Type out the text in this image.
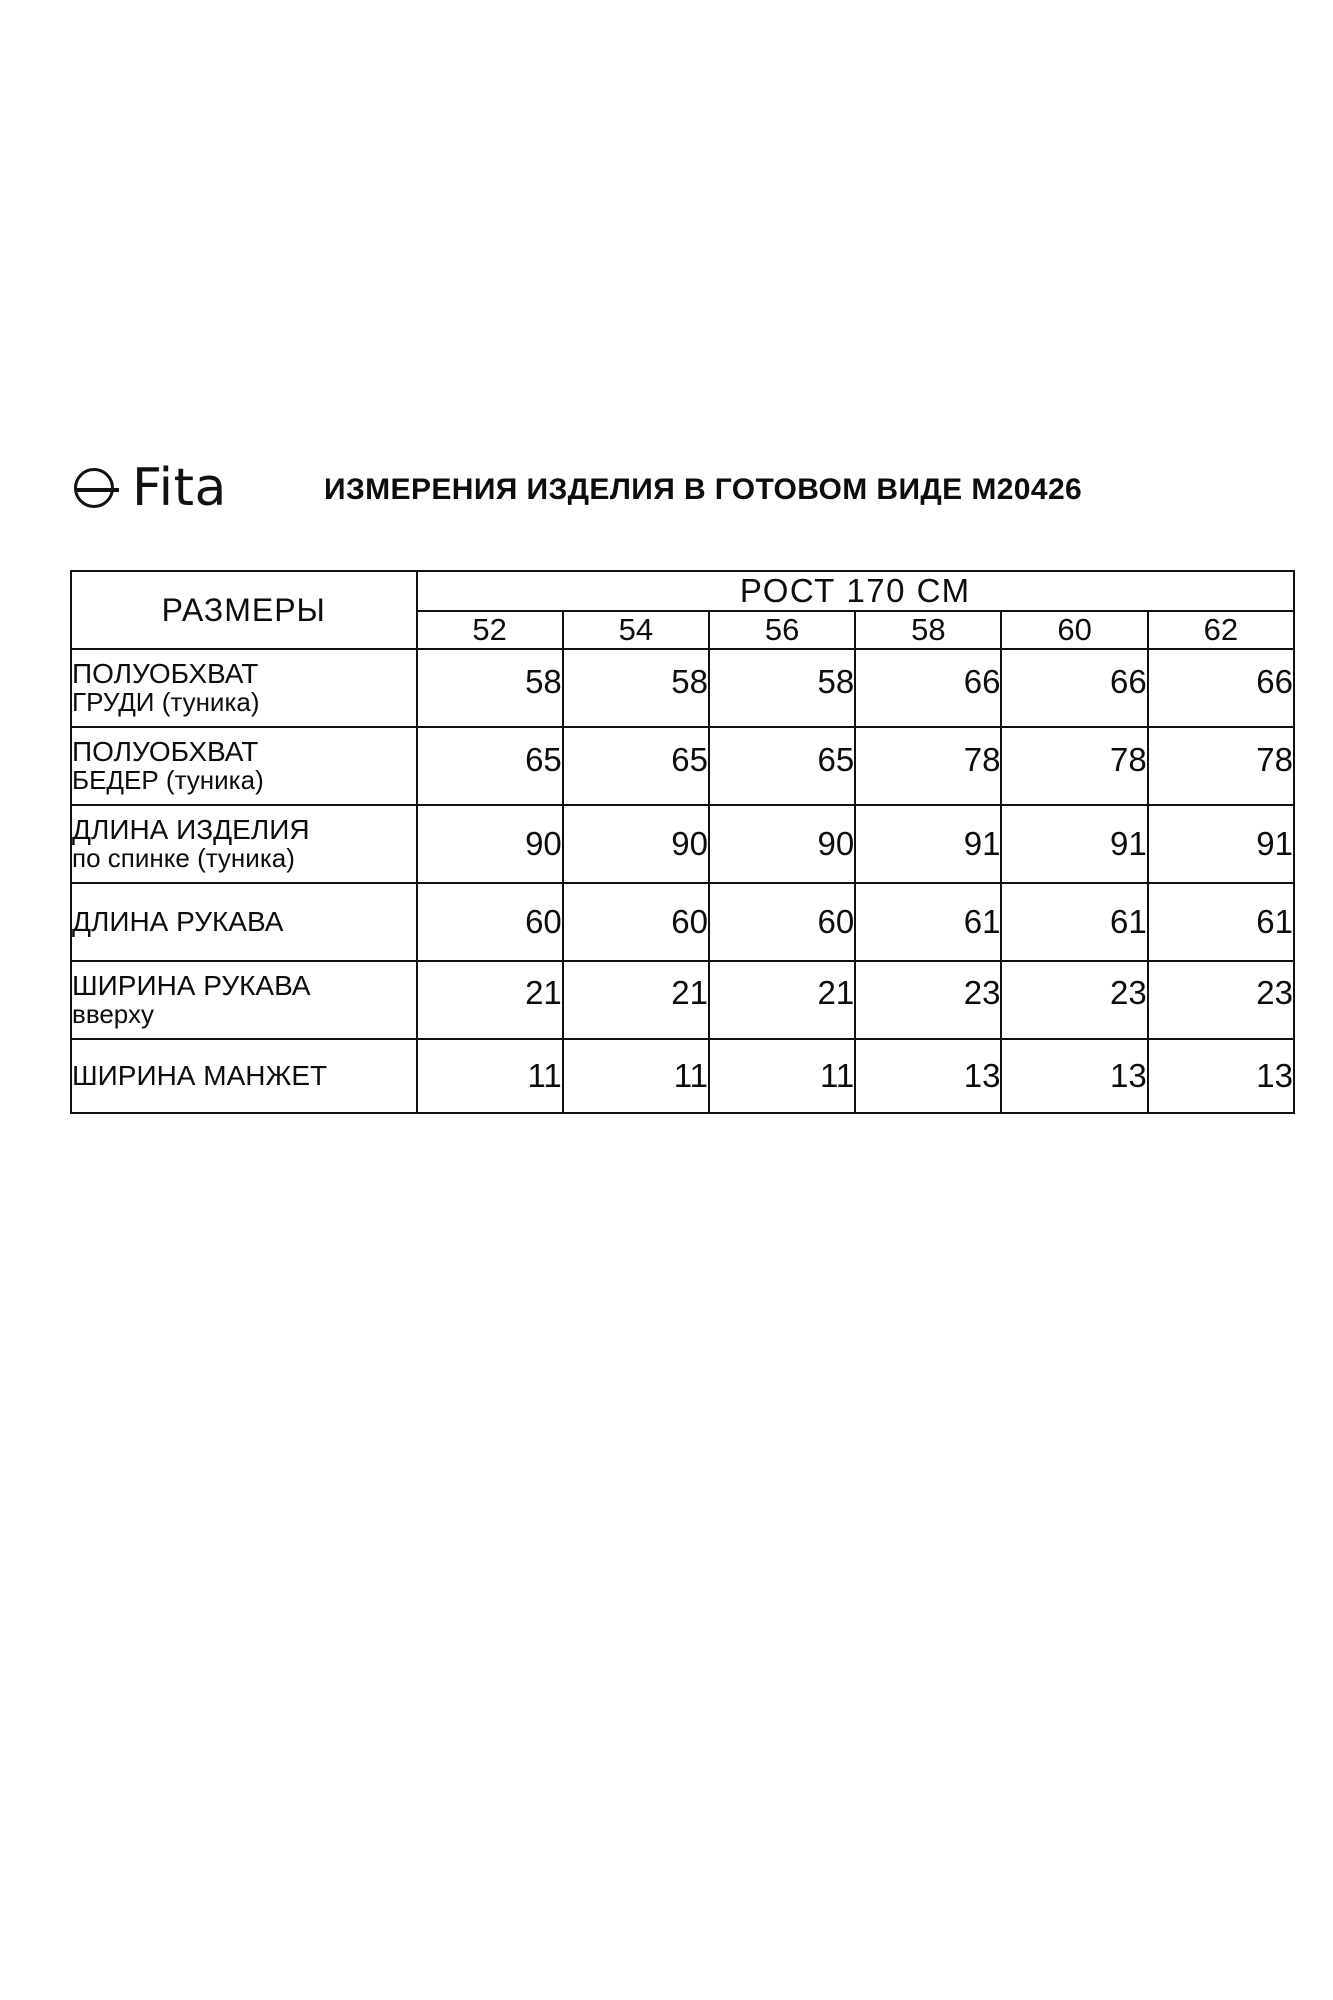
Fita	ИЗМЕРЕНИЯ ИЗДЕЛИЯ В ГОТОВОМ ВИДЕ М20426
РАЗМЕРЫ	РОСТ 170 СМ					
	52	54	56	58	60	62
ПОЛУОБХВАТ
ГРУДИ (туника)	58	58	58	66	66	66
ПОЛУОБХВАТ
БЕДЕР (туника)	65	65	65	78	78	78
ДЛИНА ИЗДЕЛИЯ
по спинке (туника)	90	90	90	91	91	91
ДЛИНА РУКАВА	60	60	60	61	61	61
ШИРИНА РУКАВА
вверху	21	21	21	23	23	23
ШИРИНА МАНЖЕТ	11	11	11	13	13	13
